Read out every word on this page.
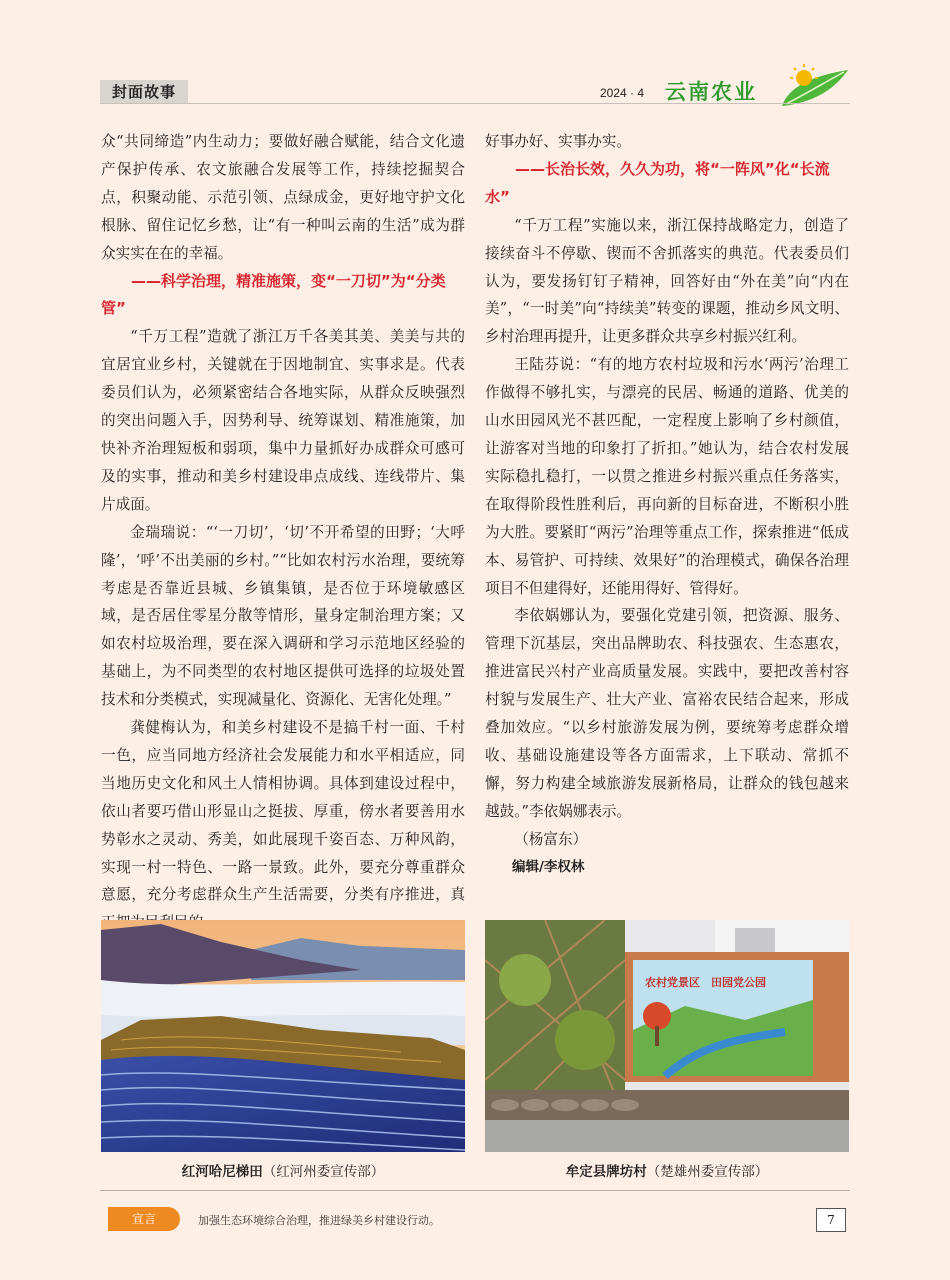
封面故事	2024 · 4 云南农业

众“共同缔造”内生动力；要做好融合赋能，结合文化遗产保护传承、农文旅融合发展等工作，持续挖掘契合点，积聚动能、示范引领、点绿成金，更好地守护文化根脉、留住记忆乡愁，让“有一种叫云南的生活”成为群众实实在在的幸福。

——科学治理，精准施策，变“一刀切”为“分类管”

“千万工程”造就了浙江万千各美其美、美美与共的宜居宜业乡村，关键就在于因地制宜、实事求是。代表委员们认为，必须紧密结合各地实际，从群众反映强烈的突出问题入手，因势利导、统筹谋划、精准施策，加快补齐治理短板和弱项，集中力量抓好办成群众可感可及的实事，推动和美乡村建设串点成线、连线带片、集片成面。

金瑞瑞说：“‘一刀切’，‘切’不开希望的田野；‘大呼隆’，‘呼’不出美丽的乡村。”“比如农村污水治理，要统筹考虑是否靠近县城、乡镇集镇，是否位于环境敏感区域，是否居住零星分散等情形，量身定制治理方案；又如农村垃圾治理，要在深入调研和学习示范地区经验的基础上，为不同类型的农村地区提供可选择的垃圾处置技术和分类模式，实现减量化、资源化、无害化处理。”

龚健梅认为，和美乡村建设不是搞千村一面、千村一色，应当同地方经济社会发展能力和水平相适应，同当地历史文化和风土人情相协调。具体到建设过程中，依山者要巧借山形显山之挺拔、厚重，傍水者要善用水势彰水之灵动、秀美，如此展现千姿百态、万种风韵，实现一村一特色、一路一景致。此外，要充分尊重群众意愿，充分考虑群众生产生活需要，分类有序推进，真

好事办好、实事办实。

——长治长效，久久为功，将“一阵风”化“长流水”

“千万工程”实施以来，浙江保持战略定力，创造了接续奋斗不停歇、锲而不舍抓落实的典范。代表委员们认为，要发扬钉钉子精神，回答好由“外在美”向“内在美”，“一时美”向“持续美”转变的课题，推动乡风文明、乡村治理再提升，让更多群众共享乡村振兴红利。

王陆芬说：“有的地方农村垃圾和污水‘两污’治理工作做得不够扎实，与漂亮的民居、畅通的道路、优美的山水田园风光不甚匹配，一定程度上影响了乡村颜值，让游客对当地的印象打了折扣。”她认为，结合农村发展实际稳扎稳打，一以贯之推进乡村振兴重点任务落实，在取得阶段性胜利后，再向新的目标奋进，不断积小胜为大胜。要紧盯“两污”治理等重点工作，探索推进“低成本、易管护、可持续、效果好”的治理模式，确保各治理项目不但建得好，还能用得好、管得好。

李依娲娜认为，要强化党建引领，把资源、服务、管理下沉基层，突出品牌助农、科技强农、生态惠农，推进富民兴村产业高质量发展。实践中，要把改善村容村貌与发展生产、壮大产业、富裕农民结合起来，形成叠加效应。“以乡村旅游发展为例，要统筹考虑群众增收、基础设施建设等各方面需求，上下联动、常抓不懈，努力构建全域旅游发展新格局，让群众的钱包越来越鼓。”李依娲娜表示。

（杨富东）

编辑/李权林

红河哈尼梯田（红河州委宣传部）
农村党景区　田园党公园
牟定县牌坊村（楚雄州委宣传部）
宣言	加强生态环境综合治理，推进绿美乡村建设行动。	7
